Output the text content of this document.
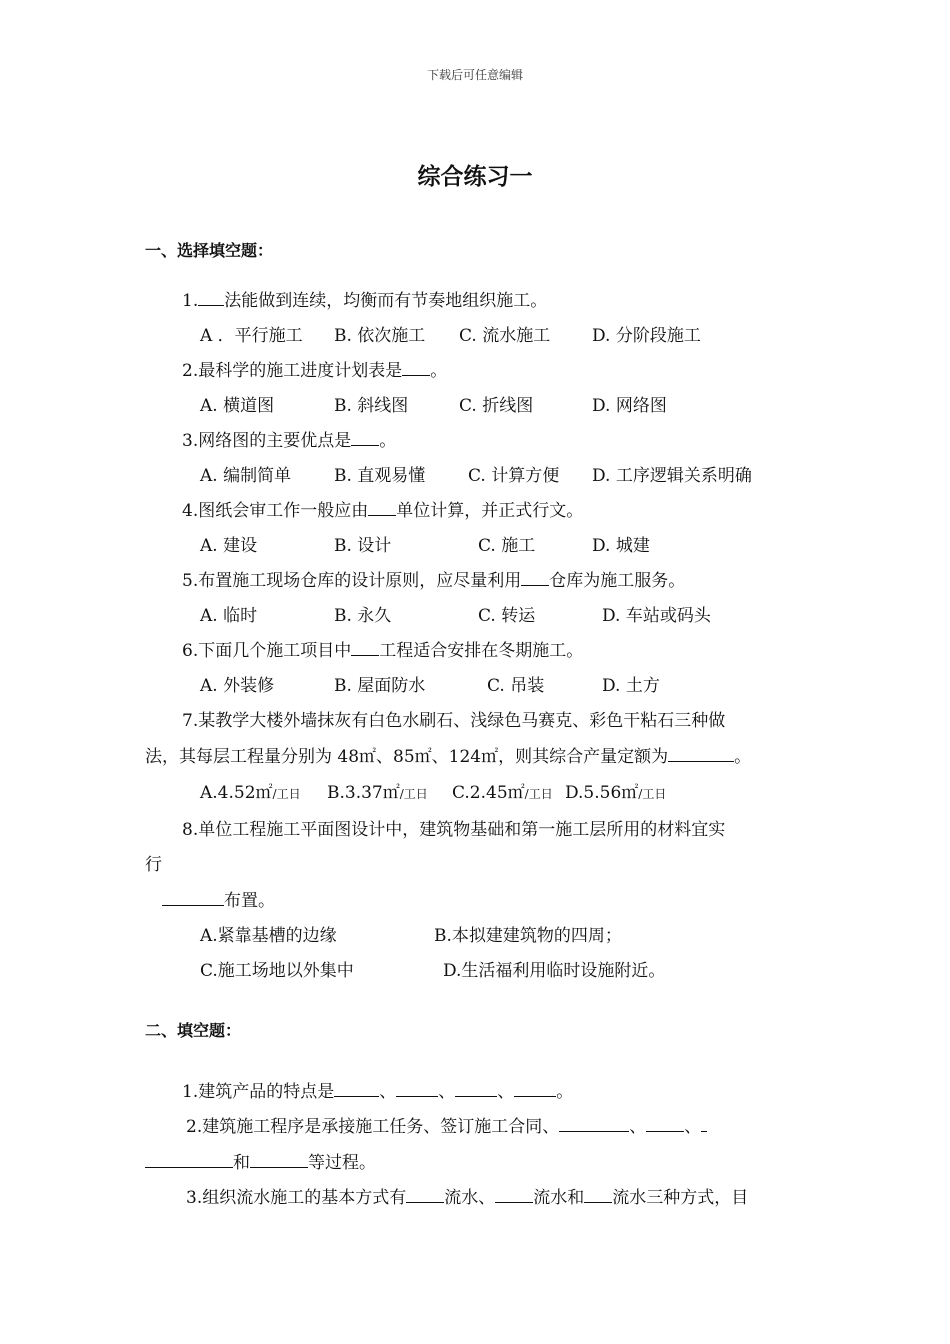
下载后可任意编辑
综合练习一
一、选择填空题：
1. 法能做到连续，均衡而有节奏地组织施工。
A ．平行施工 B. 依次施工 C. 流水施工 D. 分阶段施工
2.最科学的施工进度计划表是 。
A. 横道图	B. 斜线图	C. 折线图	D. 网络图
3.网络图的主要优点是 。
A. 编制简单	B. 直观易懂	C. 计算方便 D. 工序逻辑关系明确
4.图纸会审工作一般应由 单位计算，并正式行文。
A. 建设	B. 设计	C. 施工	D. 城建
5.布置施工现场仓库的设计原则，应尽量利用 仓库为施工服务。
A. 临时	B. 永久	C. 转运	D. 车站或码头
6.下面几个施工项目中 工程适合安排在冬期施工。
A. 外装修	B. 屋面防水	C. 吊装	D. 土方
7.某教学大楼外墙抹灰有白色水刷石、浅绿色马赛克、彩色干粘石三种做
法，其每层工程量分别为 48㎡、85㎡、124㎡，则其综合产量定额为	。
A.4.52㎡/工日 B.3.37㎡/工日 C.2.45㎡/工日 D.5.56㎡/工日
8.单位工程施工平面图设计中，建筑物基础和第一施工层所用的材料宜实
行
布置。
A.紧靠基槽的边缘	B.本拟建建筑物的四周；
C.施工场地以外集中	D.生活福利用临时设施附近。
二、填空题：
1.建筑产品的特点是	、 、 、 。
2.建筑施工程序是承接施工任务、签订施工合同、	、 、
和	等过程。
3.组织流水施工的基本方式有 流水、 流水和 流水三种方式，目
